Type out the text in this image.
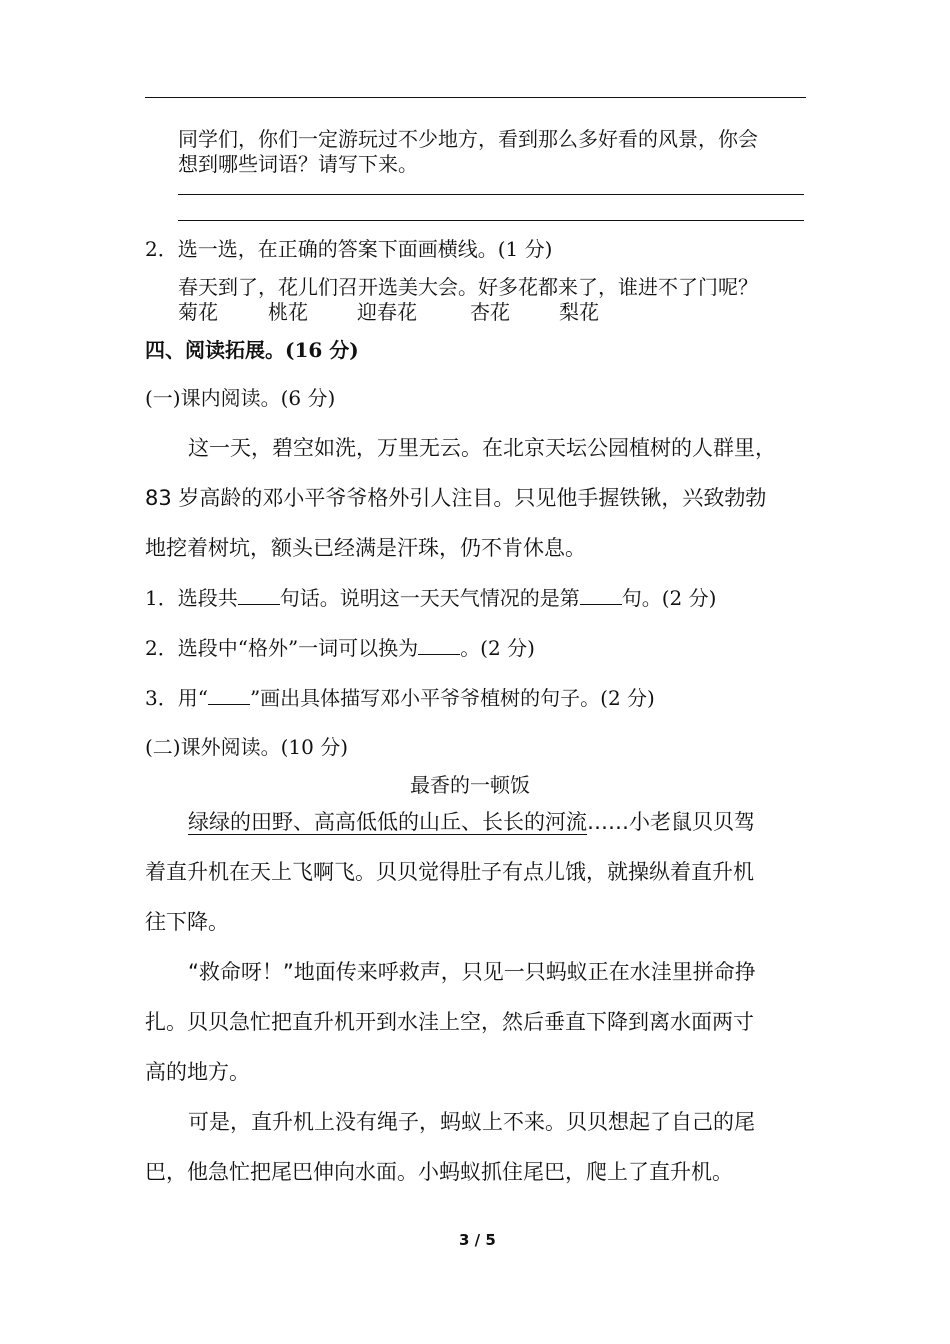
同学们，你们一定游玩过不少地方，看到那么多好看的风景，你会
想到哪些词语？请写下来。
2．选一选，在正确的答案下面画横线。(1 分)
春天到了，花儿们召开选美大会。好多花都来了，谁进不了门呢？
菊花	桃花 迎春花	杏花 梨花
四、阅读拓展。(16 分)
(一)课内阅读。(6 分)
这一天，碧空如洗，万里无云。在北京天坛公园植树的人群里，
83 岁高龄的邓小平爷爷格外引人注目。只见他手握铁锹，兴致勃勃
地挖着树坑，额头已经满是汗珠，仍不肯休息。
1．选段共 句话。说明这一天天气情况的是第 句。(2 分)
2．选段中“格外”一词可以换为 。(2 分)
3．用“ ”画出具体描写邓小平爷爷植树的句子。(2 分)
(二)课外阅读。(10 分)
最香的一顿饭
绿绿的田野、高高低低的山丘、长长的河流……小老鼠贝贝驾
着直升机在天上飞啊飞。贝贝觉得肚子有点儿饿，就操纵着直升机
往下降。
“救命呀！”地面传来呼救声，只见一只蚂蚁正在水洼里拼命挣
扎。贝贝急忙把直升机开到水洼上空，然后垂直下降到离水面两寸
高的地方。
可是，直升机上没有绳子，蚂蚁上不来。贝贝想起了自己的尾
巴，他急忙把尾巴伸向水面。小蚂蚁抓住尾巴，爬上了直升机。
3 / 5
